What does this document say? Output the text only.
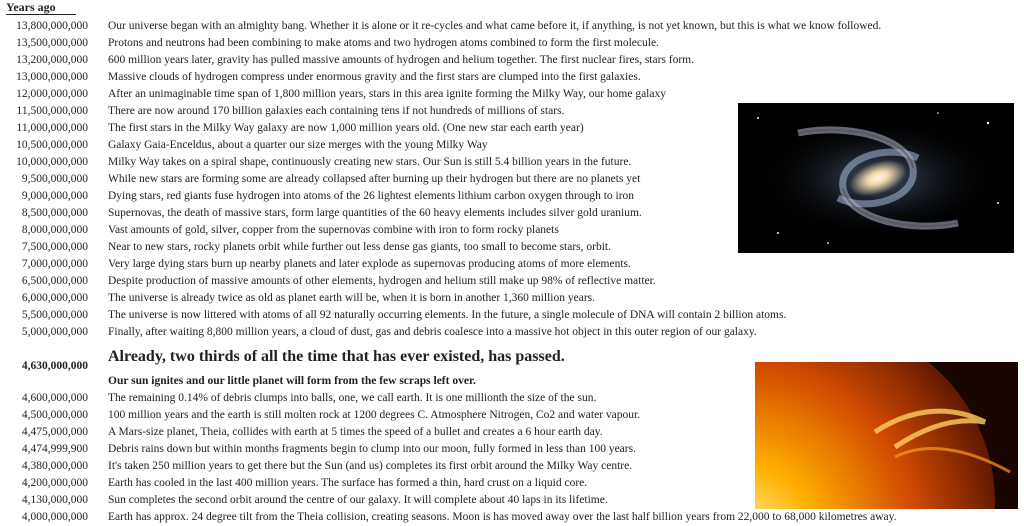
Years ago
13,800,000,000 Our universe began with an almighty bang. Whether it is alone or it re-cycles and what came before it, if anything, is not yet known, but this is what we know followed.
13,500,000,000 Protons and neutrons had been combining to make atoms and two hydrogen atoms combined to form the first molecule.
13,200,000,000 600 million years later, gravity has pulled massive amounts of hydrogen and helium together. The first nuclear fires, stars form.
13,000,000,000 Massive clouds of hydrogen compress under enormous gravity and the first stars are clumped into the first galaxies.
12,000,000,000 After an unimaginable time span of 1,800 million years, stars in this area ignite forming the Milky Way, our home galaxy
11,500,000,000 There are now around 170 billion galaxies each containing tens if not hundreds of millions of stars.
11,000,000,000 The first stars in the Milky Way galaxy are now 1,000 million years old. (One new star each earth year)
10,500,000,000 Galaxy Gaia-Enceldus, about a quarter our size merges with the young Milky Way
10,000,000,000 Milky Way takes on a spiral shape, continuously creating new stars. Our Sun is still 5.4 billion years in the future.
9,500,000,000 While new stars are forming some are already collapsed after burning up their hydrogen but there are no planets yet
9,000,000,000 Dying stars, red giants fuse hydrogen into atoms of the 26 lightest elements lithium carbon oxygen through to iron
8,500,000,000 Supernovas, the death of massive stars, form large quantities of the 60 heavy elements includes silver gold uranium.
8,000,000,000 Vast amounts of gold, silver, copper from the supernovas combine with iron to form rocky planets
7,500,000,000 Near to new stars, rocky planets orbit while further out less dense gas giants, too small to become stars, orbit.
7,000,000,000 Very large dying stars burn up nearby planets and later explode as supernovas producing atoms of more elements.
6,500,000,000 Despite production of massive amounts of other elements, hydrogen and helium still make up 98% of reflective matter.
6,000,000,000 The universe is already twice as old as planet earth will be, when it is born in another 1,360 million years.
5,500,000,000 The universe is now littered with atoms of all 92 naturally occurring elements. In the future, a single molecule of DNA will contain 2 billion atoms.
5,000,000,000 Finally, after waiting 8,800 million years, a cloud of dust, gas and debris coalesce into a massive hot object in this outer region of our galaxy.
4,630,000,000
Already, two thirds of all the time that has ever existed, has passed.
Our sun ignites and our little planet will form from the few scraps left over.
4,600,000,000 The remaining 0.14% of debris clumps into balls, one, we call earth. It is one millionth the size of the sun.
4,500,000,000 100 million years and the earth is still molten rock at 1200 degrees C. Atmosphere Nitrogen, Co2 and water vapour.
4,475,000,000 A Mars-size planet, Theia, collides with earth at 5 times the speed of a bullet and creates a 6 hour earth day.
4,474,999,900 Debris rains down but within months fragments begin to clump into our moon, fully formed in less than 100 years.
4,380,000,000 It's taken 250 million years to get there but the Sun (and us) completes its first orbit around the Milky Way centre.
4,200,000,000 Earth has cooled in the last 400 million years. The surface has formed a thin, hard crust on a liquid core.
4,130,000,000 Sun completes the second orbit around the centre of our galaxy. It will complete about 40 laps in its lifetime.
4,000,000,000 Earth has approx. 24 degree tilt from the Theia collision, creating seasons. Moon is has moved away over the last half billion years from 22,000 to 68,000 kilometres away.
